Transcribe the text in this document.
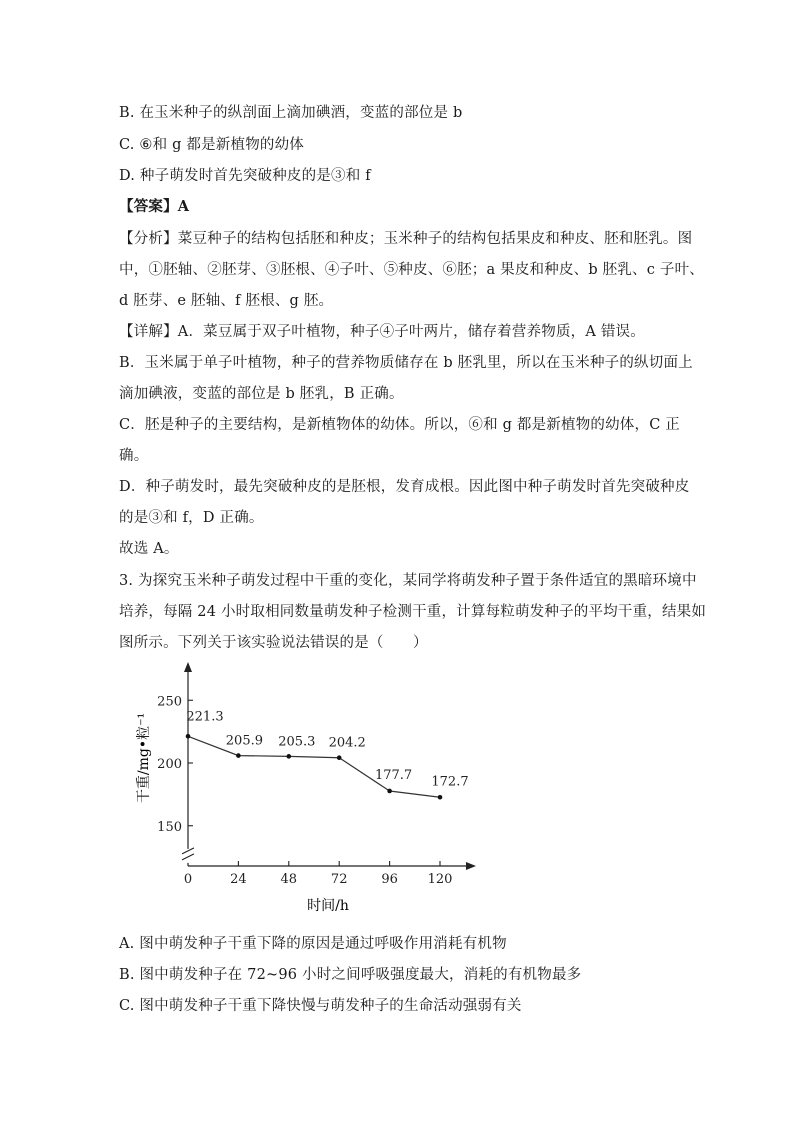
B. 在玉米种子的纵剖面上滴加碘酒，变蓝的部位是 b
C. ⑥和 g 都是新植物的幼体
D. 种子萌发时首先突破种皮的是③和 f
【答案】A
【分析】菜豆种子的结构包括胚和种皮；玉米种子的结构包括果皮和种皮、胚和胚乳。图
中，①胚轴、②胚芽、③胚根、④子叶、⑤种皮、⑥胚；a 果皮和种皮、b 胚乳、c 子叶、
d 胚芽、e 胚轴、f 胚根、g 胚。
【详解】A．菜豆属于双子叶植物，种子④子叶两片，储存着营养物质，A 错误。
B．玉米属于单子叶植物，种子的营养物质储存在 b 胚乳里，所以在玉米种子的纵切面上
滴加碘液，变蓝的部位是 b 胚乳，B 正确。
C．胚是种子的主要结构，是新植物体的幼体。所以，⑥和 g 都是新植物的幼体，C 正
确。
D．种子萌发时，最先突破种皮的是胚根，发育成根。因此图中种子萌发时首先突破种皮
的是③和 f，D 正确。
故选 A。
3. 为探究玉米种子萌发过程中干重的变化，某同学将萌发种子置于条件适宜的黑暗环境中
培养，每隔 24 小时取相同数量萌发种子检测干重，计算每粒萌发种子的平均干重，结果如
图所示。下列关于该实验说法错误的是（　　）
150
200
250
0	24	48	72	96 120
221.3
205.9 205.3 204.2
177.7 172.7
干重/mg•粒⁻¹
时间/h
A. 图中萌发种子干重下降的原因是通过呼吸作用消耗有机物
B. 图中萌发种子在 72~96 小时之间呼吸强度最大，消耗的有机物最多
C. 图中萌发种子干重下降快慢与萌发种子的生命活动强弱有关
